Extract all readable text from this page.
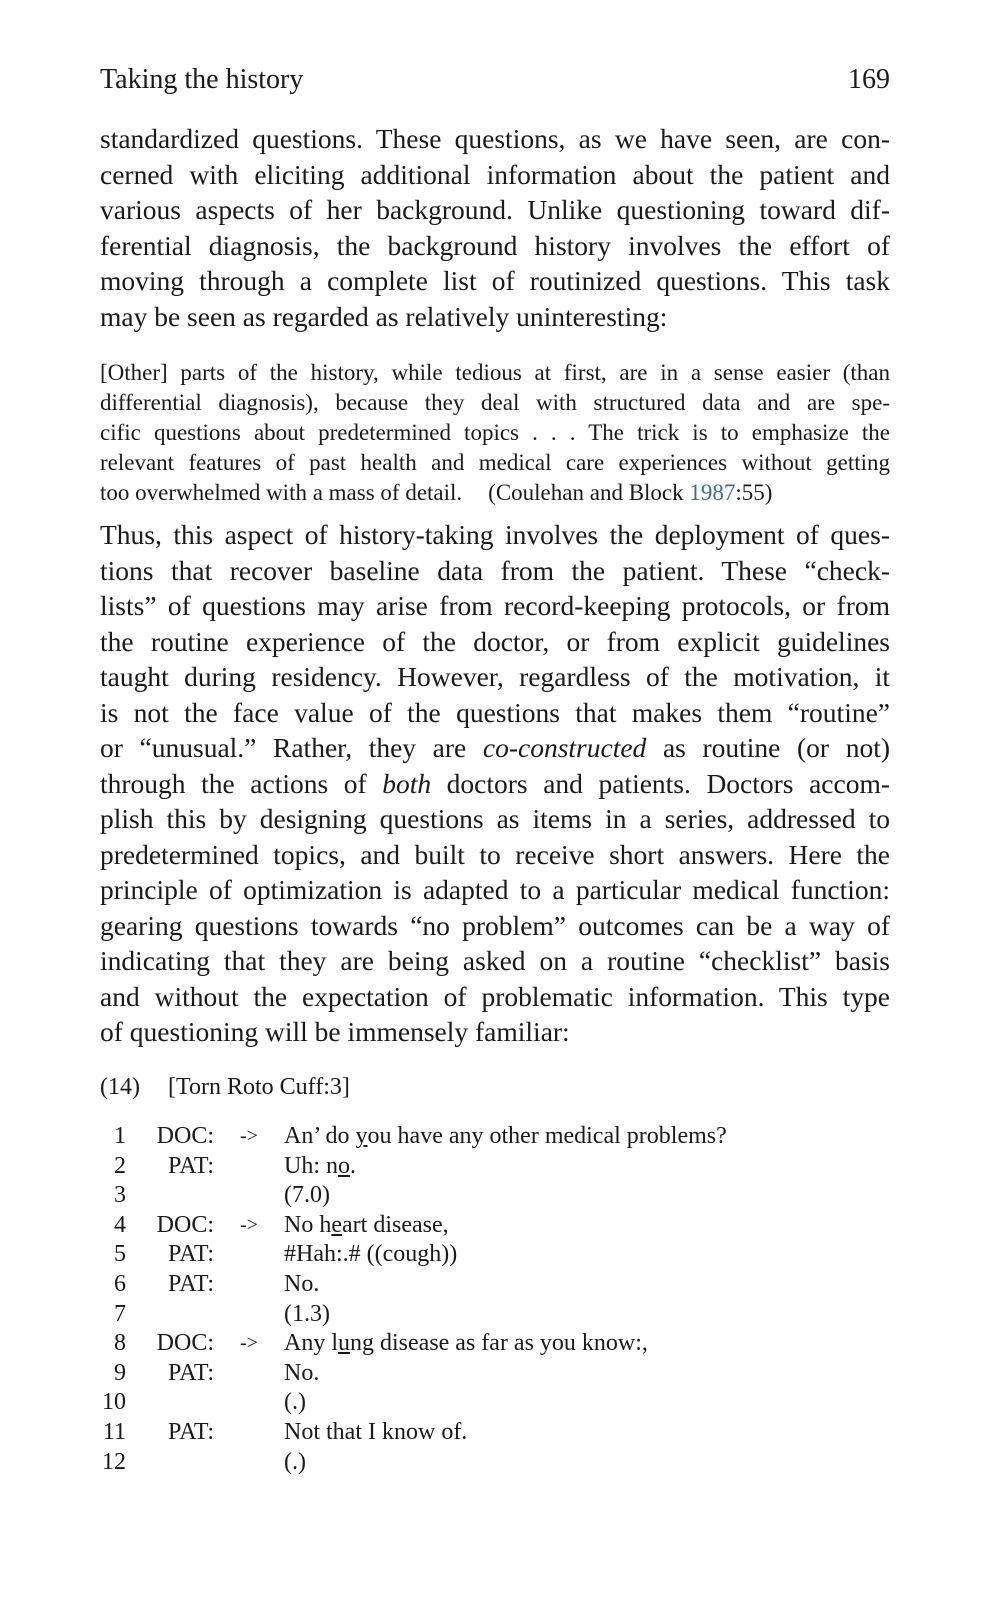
Taking the history	169
standardized questions. These questions, as we have seen, are con-
cerned with eliciting additional information about the patient and
various aspects of her background. Unlike questioning toward dif-
ferential diagnosis, the background history involves the effort of
moving through a complete list of routinized questions. This task
may be seen as regarded as relatively uninteresting:
[Other] parts of the history, while tedious at first, are in a sense easier (than
differential diagnosis), because they deal with structured data and are spe-
cific questions about predetermined topics . . . The trick is to emphasize the
relevant features of past health and medical care experiences without getting
too overwhelmed with a mass of detail. (Coulehan and Block 1987:55)
Thus, this aspect of history-taking involves the deployment of ques-
tions that recover baseline data from the patient. These “check-
lists” of questions may arise from record-keeping protocols, or from
the routine experience of the doctor, or from explicit guidelines
taught during residency. However, regardless of the motivation, it
is not the face value of the questions that makes them “routine”
or “unusual.” Rather, they are co-constructed as routine (or not)
through the actions of both doctors and patients. Doctors accom-
plish this by designing questions as items in a series, addressed to
predetermined topics, and built to receive short answers. Here the
principle of optimization is adapted to a particular medical function:
gearing questions towards “no problem” outcomes can be a way of
indicating that they are being asked on a routine “checklist” basis
and without the expectation of problematic information. This type
of questioning will be immensely familiar:
(14) [Torn Roto Cuff:3]
1	DOC: -> An’ do you have any other medical problems?
2	PAT:	Uh: no.
3	(7.0)
4	DOC: -> No heart disease,
5	PAT:	#Hah:.# ((cough))
6	PAT:	No.
7	(1.3)
8	DOC: -> Any lung disease as far as you know:,
9	PAT:	No.
10	(.)
11	PAT:	Not that I know of.
12	(.)
